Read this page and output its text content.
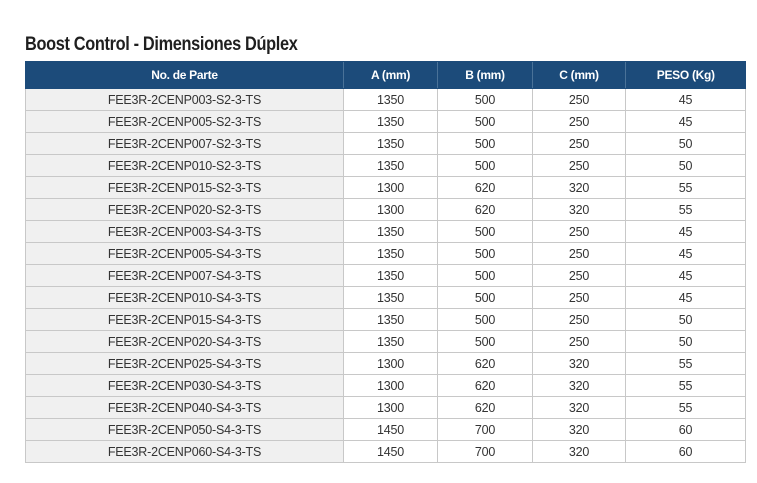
Boost Control - Dimensiones Dúplex
No. de Parte	A (mm)	B (mm)	C (mm)	PESO (Kg)
FEE3R-2CENP003-S2-3-TS	1350	500	250	45
FEE3R-2CENP005-S2-3-TS	1350	500	250	45
FEE3R-2CENP007-S2-3-TS	1350	500	250	50
FEE3R-2CENP010-S2-3-TS	1350	500	250	50
FEE3R-2CENP015-S2-3-TS	1300	620	320	55
FEE3R-2CENP020-S2-3-TS	1300	620	320	55
FEE3R-2CENP003-S4-3-TS	1350	500	250	45
FEE3R-2CENP005-S4-3-TS	1350	500	250	45
FEE3R-2CENP007-S4-3-TS	1350	500	250	45
FEE3R-2CENP010-S4-3-TS	1350	500	250	45
FEE3R-2CENP015-S4-3-TS	1350	500	250	50
FEE3R-2CENP020-S4-3-TS	1350	500	250	50
FEE3R-2CENP025-S4-3-TS	1300	620	320	55
FEE3R-2CENP030-S4-3-TS	1300	620	320	55
FEE3R-2CENP040-S4-3-TS	1300	620	320	55
FEE3R-2CENP050-S4-3-TS	1450	700	320	60
FEE3R-2CENP060-S4-3-TS	1450	700	320	60
